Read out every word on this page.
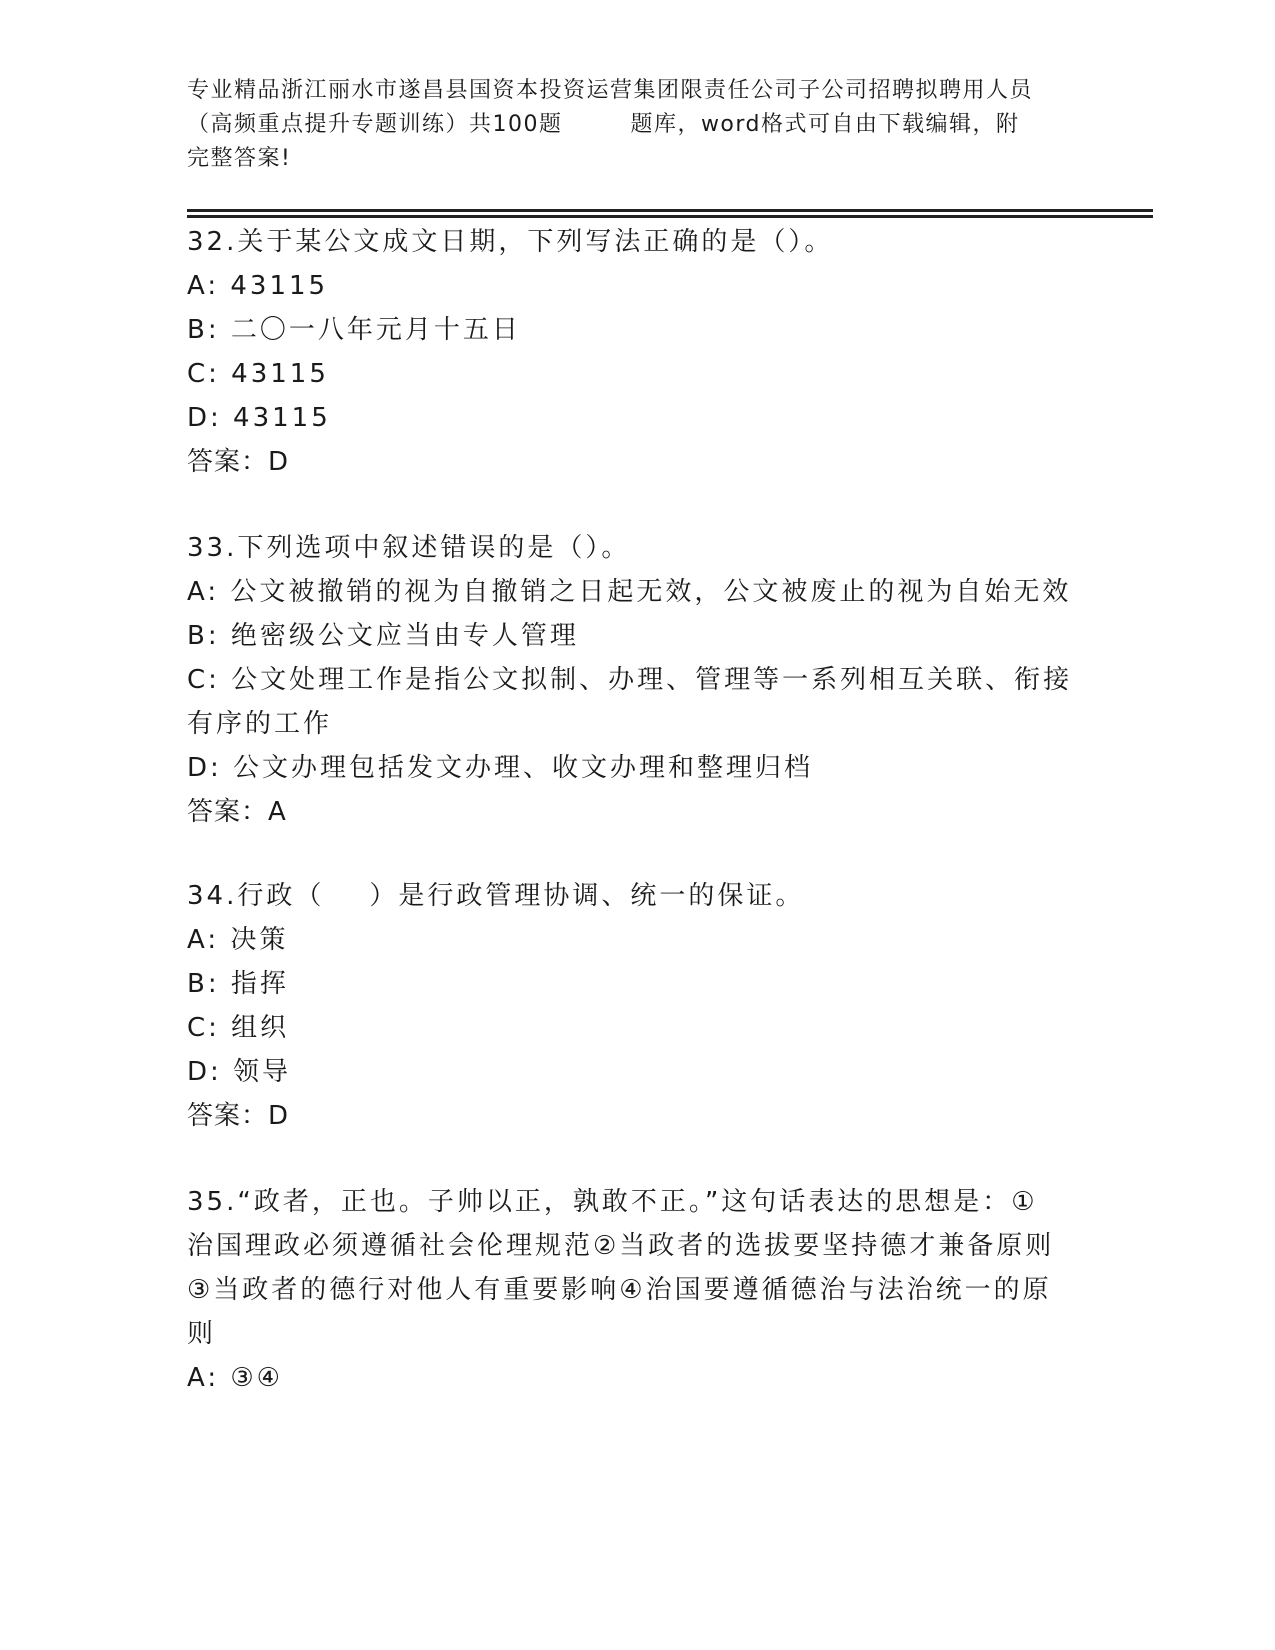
专业精品浙江丽水市遂昌县国资本投资运营集团限责任公司子公司招聘拟聘用人员
（高频重点提升专题训练）共100题        题库，word格式可自由下载编辑，附
完整答案!
32.关于某公文成文日期，下列写法正确的是（）。
A: 43115
B: 二〇一八年元月十五日
C: 43115
D: 43115
答案：D
33.下列选项中叙述错误的是（）。
A: 公文被撤销的视为自撤销之日起无效，公文被废止的视为自始无效
B: 绝密级公文应当由专人管理
C: 公文处理工作是指公文拟制、办理、管理等一系列相互关联、衔接
有序的工作
D: 公文办理包括发文办理、收文办理和整理归档
答案：A
34.行政（    ）是行政管理协调、统一的保证。
A: 决策
B: 指挥
C: 组织
D: 领导
答案：D
35.“政者，正也。子帅以正，孰敢不正。”这句话表达的思想是：①
治国理政必须遵循社会伦理规范②当政者的选拔要坚持德才兼备原则
③当政者的德行对他人有重要影响④治国要遵循德治与法治统一的原
则
A: ③④
